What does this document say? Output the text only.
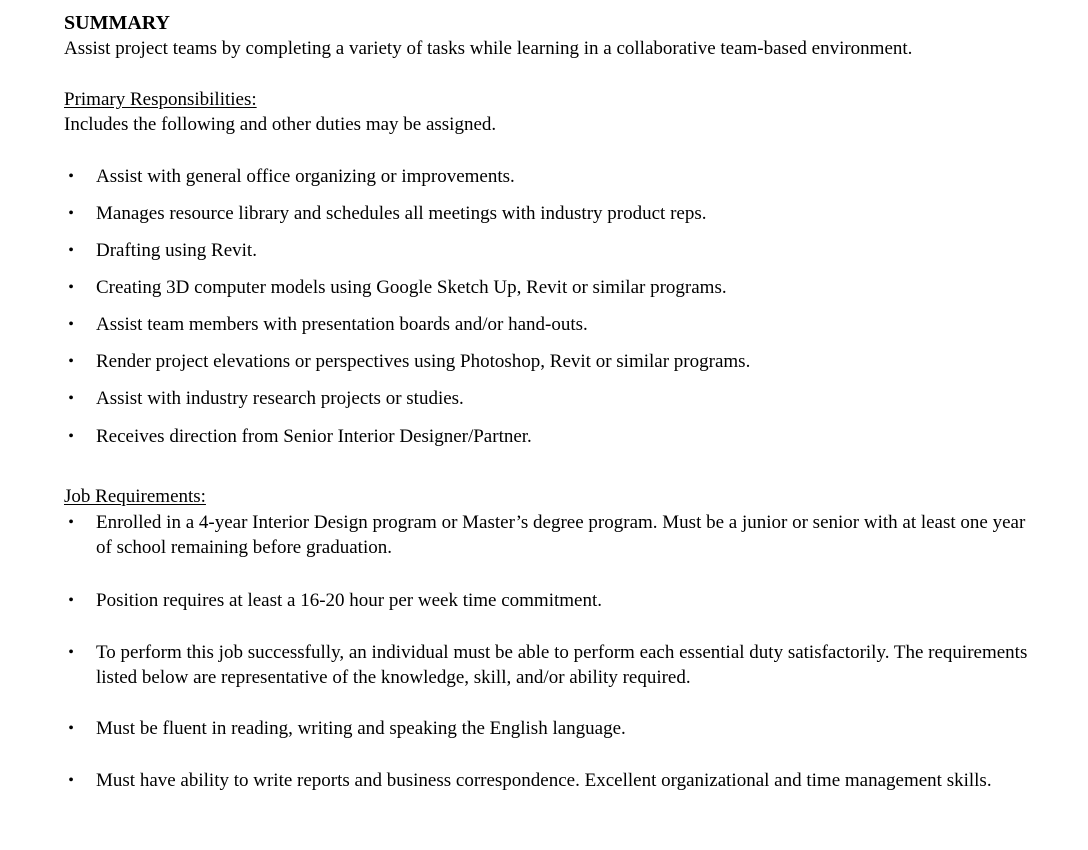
SUMMARY
Assist project teams by completing a variety of tasks while learning in a collaborative team-based environment.
Primary Responsibilities:
Includes the following and other duties may be assigned.
• Assist with general office organizing or improvements.
• Manages resource library and schedules all meetings with industry product reps.
• Drafting using Revit.
• Creating 3D computer models using Google Sketch Up, Revit or similar programs.
• Assist team members with presentation boards and/or hand-outs.
• Render project elevations or perspectives using Photoshop, Revit or similar programs.
• Assist with industry research projects or studies.
• Receives direction from Senior Interior Designer/Partner.
Job Requirements:
• Enrolled in a 4-year Interior Design program or Master’s degree program. Must be a junior or senior with at least one year of school remaining before graduation.
• Position requires at least a 16-20 hour per week time commitment.
• To perform this job successfully, an individual must be able to perform each essential duty satisfactorily. The requirements listed below are representative of the knowledge, skill, and/or ability required.
• Must be fluent in reading, writing and speaking the English language.
• Must have ability to write reports and business correspondence. Excellent organizational and time management skills.
